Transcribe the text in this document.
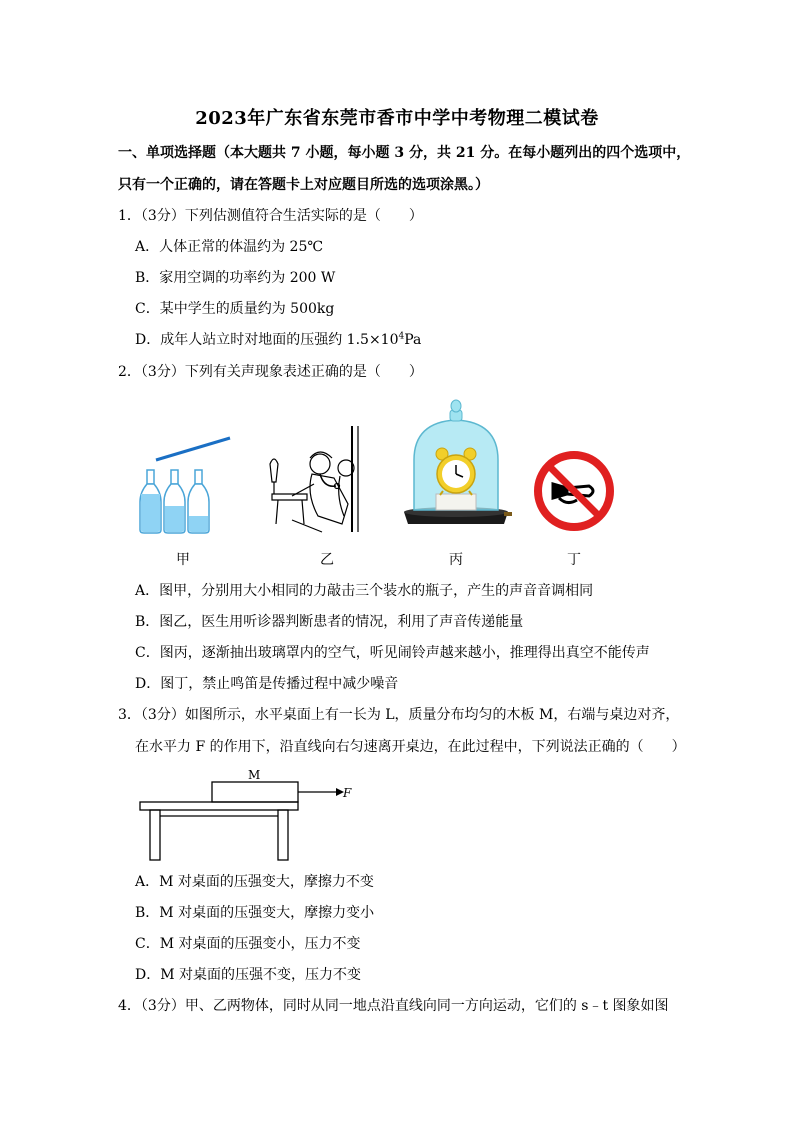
2023年广东省东莞市香市中学中考物理二模试卷
一、单项选择题（本大题共 7 小题，每小题 3 分，共 21 分。在每小题列出的四个选项中，
只有一个正确的，请在答题卡上对应题目所选的选项涂黑。）
1．（3分）下列估测值符合生活实际的是（　　）
A．人体正常的体温约为 25℃
B．家用空调的功率约为 200 W
C．某中学生的质量约为 500kg
D．成年人站立时对地面的压强约 $1.5\times 10^4Pa$
2．（3分）下列有关声现象表述正确的是（　　）
甲	乙	丙	丁
A．图甲，分别用大小相同的力敲击三个装水的瓶子，产生的声音音调相同
B．图乙，医生用听诊器判断患者的情况，利用了声音传递能量
C．图丙，逐渐抽出玻璃罩内的空气，听见闹铃声越来越小，推理得出真空不能传声
D．图丁，禁止鸣笛是传播过程中减少噪音
3．（3分）如图所示，水平桌面上有一长为 L，质量分布均匀的木板 M，右端与桌边对齐，
在水平力 F 的作用下，沿直线向右匀速离开桌边，在此过程中，下列说法正确的（　　）
M
F
A．M 对桌面的压强变大，摩擦力不变
B．M 对桌面的压强变大，摩擦力变小
C．M 对桌面的压强变小，压力不变
D．M 对桌面的压强不变，压力不变
4．（3分）甲、乙两物体，同时从同一地点沿直线向同一方向运动，它们的 s﻿﹣t 图象如图
